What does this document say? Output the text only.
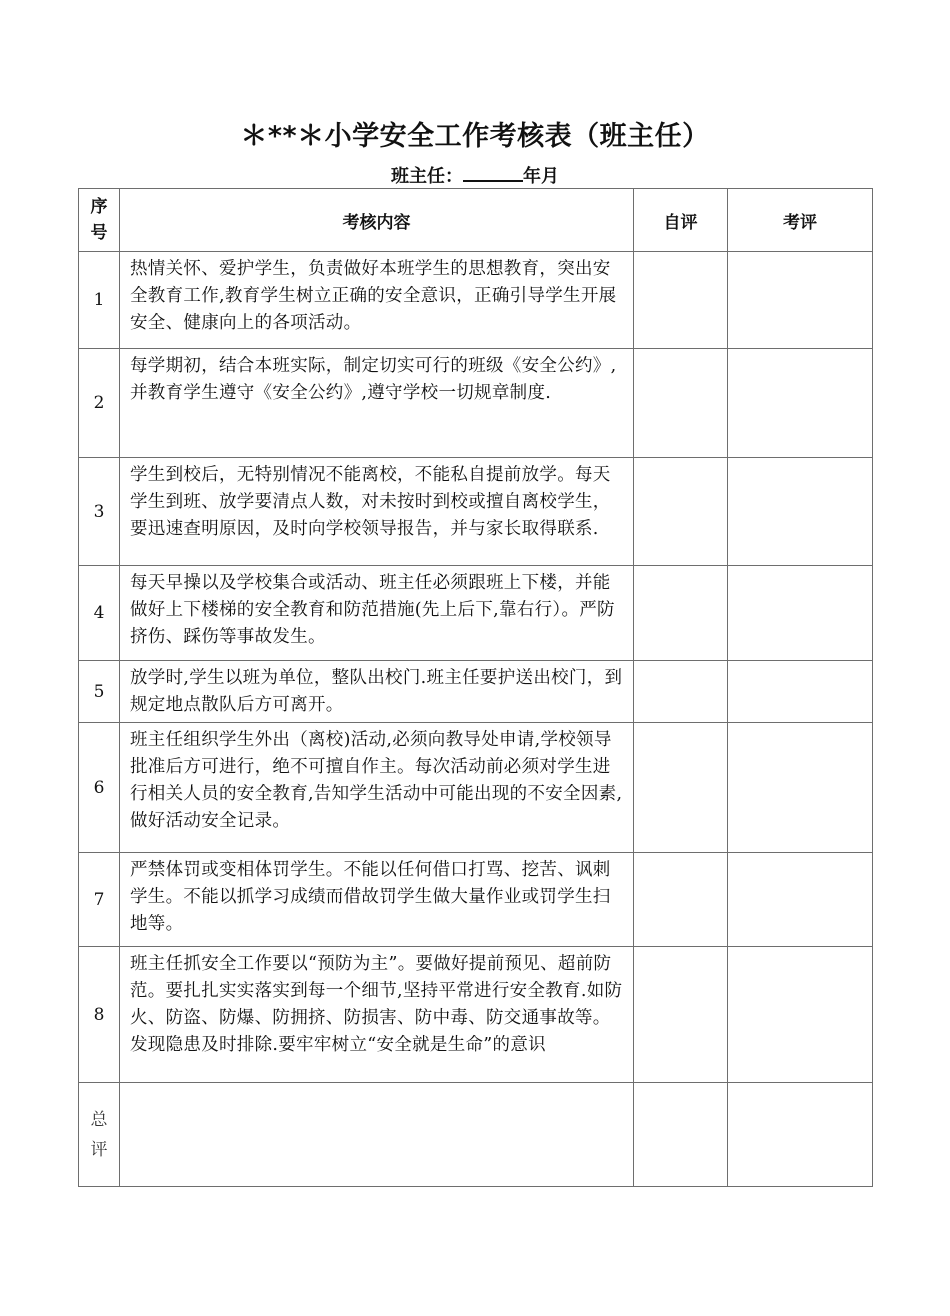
＊**＊小学安全工作考核表（班主任）
班主任：	年月
序
号	考核内容	自评	考评
1	热情关怀、爱护学生，负责做好本班学生的思想教育，突出安全教育工作,教育学生树立正确的安全意识，正确引导学生开展安全、健康向上的各项活动。		
2	每学期初，结合本班实际，制定切实可行的班级《安全公约》,并教育学生遵守《安全公约》,遵守学校一切规章制度.		
3	学生到校后，无特别情况不能离校，不能私自提前放学。每天学生到班、放学要清点人数，对未按时到校或擅自离校学生，要迅速查明原因，及时向学校领导报告，并与家长取得联系.		
4	每天早操以及学校集合或活动、班主任必须跟班上下楼，并能做好上下楼梯的安全教育和防范措施(先上后下,靠右行）。严防挤伤、踩伤等事故发生。		
5	放学时,学生以班为单位，整队出校门.班主任要护送出校门，到规定地点散队后方可离开。		
6	班主任组织学生外出（离校)活动,必须向教导处申请,学校领导批准后方可进行，绝不可擅自作主。每次活动前必须对学生进行相关人员的安全教育,告知学生活动中可能出现的不安全因素,做好活动安全记录。		
7	严禁体罚或变相体罚学生。不能以任何借口打骂、挖苦、讽刺学生。不能以抓学习成绩而借故罚学生做大量作业或罚学生扫地等。		
8	班主任抓安全工作要以“预防为主”。要做好提前预见、超前防范。要扎扎实实落实到每一个细节,坚持平常进行安全教育.如防火、防盗、防爆、防拥挤、防损害、防中毒、防交通事故等。发现隐患及时排除.要牢牢树立“安全就是生命”的意识		

总
评			
